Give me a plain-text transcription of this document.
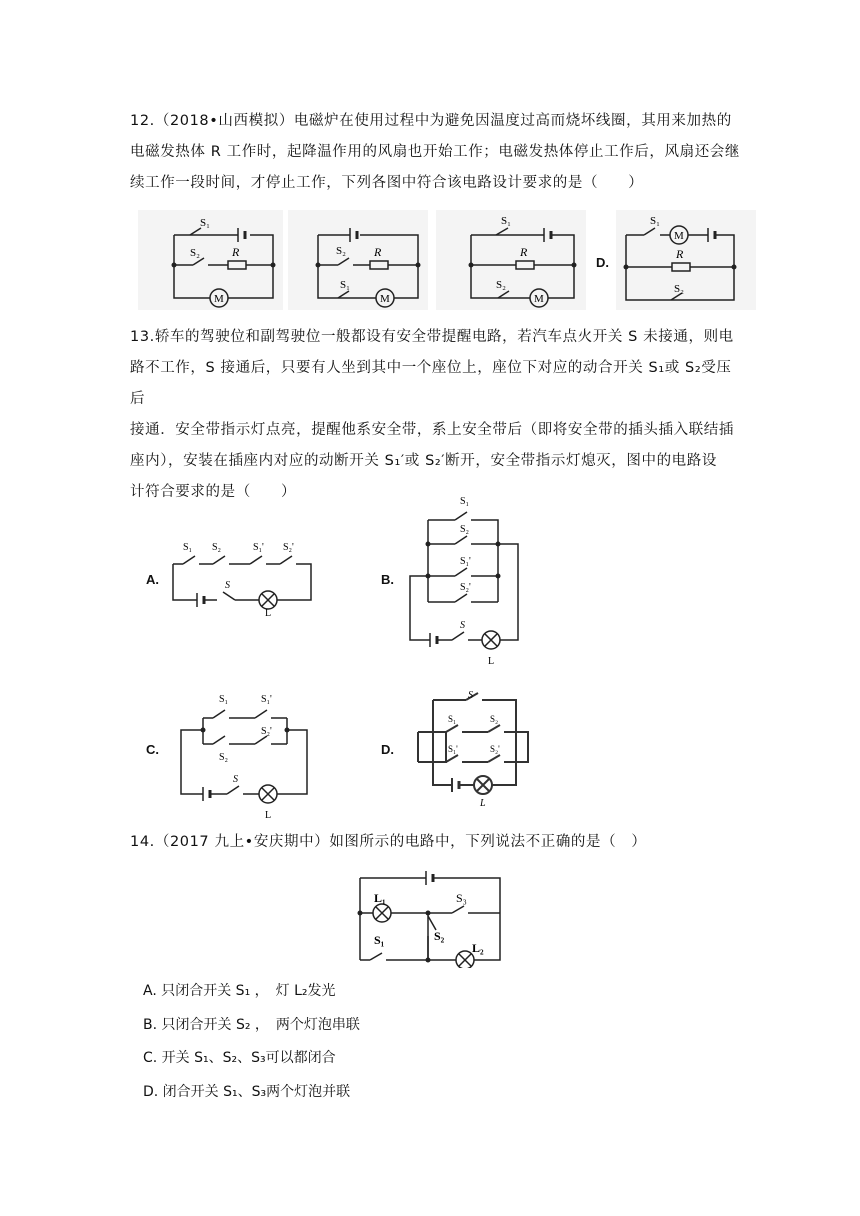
12.（2018•山西模拟）电磁炉在使用过程中为避免因温度过高而烧坏线圈，其用来加热的
电磁发热体 R 工作时，起降温作用的风扇也开始工作；电磁发热体停止工作后，风扇还会继
续工作一段时间，才停止工作，下列各图中符合该电路设计要求的是（　　）
S₁
S₂	R
M
S₂ R
S₁
M
S₁
R
S₂
M
D.
S₁
M
R
S₂
13.轿车的驾驶位和副驾驶位一般都设有安全带提醒电路，若汽车点火开关 S 未接通，则电
路不工作，S 接通后，只要有人坐到其中一个座位上，座位下对应的动合开关 S₁或 S₂受压后
接通．安全带指示灯点亮，提醒他系安全带，系上安全带后（即将安全带的插头插入联结插
座内），安装在插座内对应的动断开关 S₁′或 S₂′断开，安全带指示灯熄灭，图中的电路设
计符合要求的是（　　）
A.
S₁ S₂	S₁' S₂'
S
L
B.
S₁
S₂
S₁'
S₂'
S
L
C.
S₁	S₁'
S₂
S₂'
S
L
D.
S
S₁	S₂
S₁'	S₂'
L
14.（2017 九上•安庆期中）如图所示的电路中，下列说法不正确的是（　）
L₁	S₃
S₁	S₂
L₂
A. 只闭合开关 S₁ ，　灯 L₂发光
B. 只闭合开关 S₂ ，　两个灯泡串联
C. 开关 S₁、S₂、S₃可以都闭合
D. 闭合开关 S₁、S₃两个灯泡并联
